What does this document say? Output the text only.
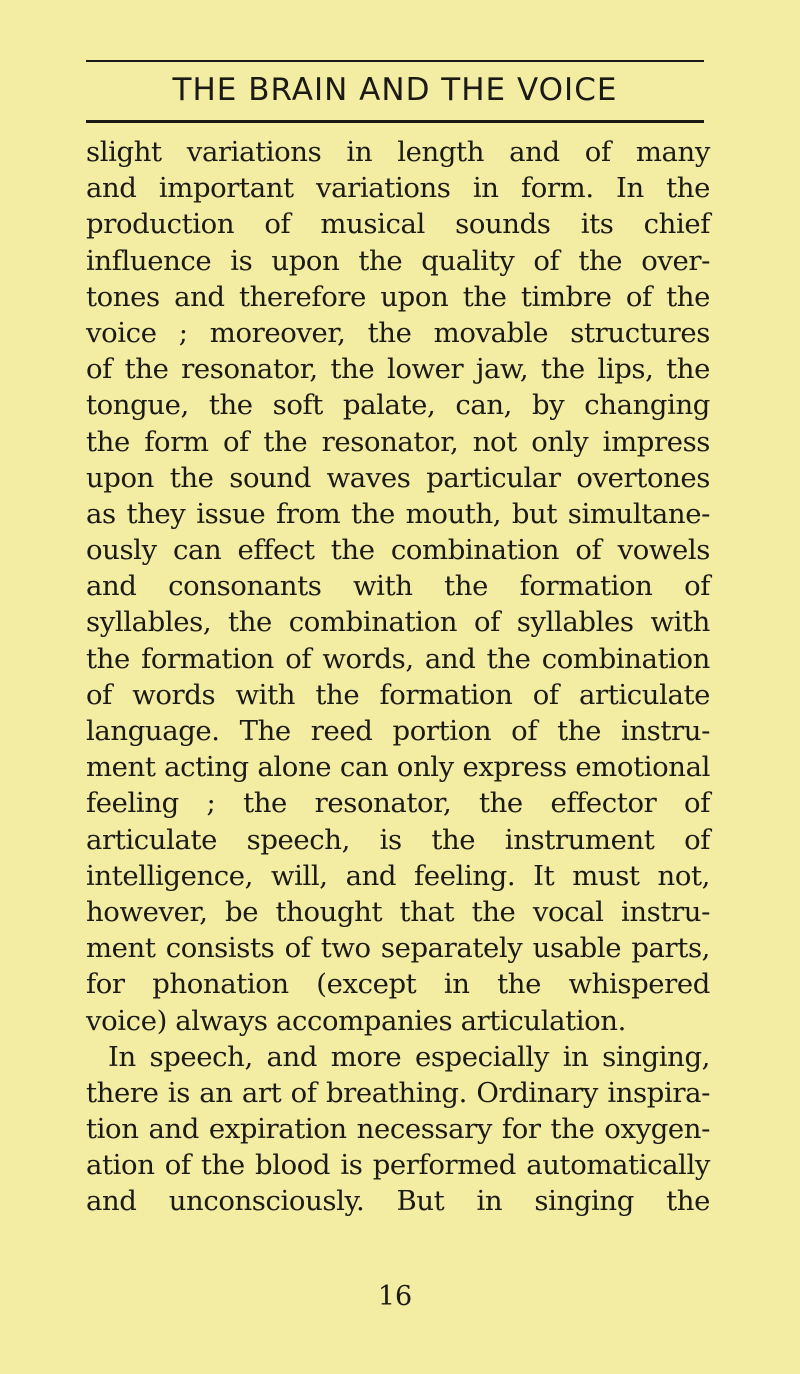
THE BRAIN AND THE VOICE
slight variations in length and of many
and important variations in form. In the
production of musical sounds its chief
influence is upon the quality of the over-
tones and therefore upon the timbre of the
voice ; moreover, the movable structures
of the resonator, the lower jaw, the lips, the
tongue, the soft palate, can, by changing
the form of the resonator, not only impress
upon the sound waves particular overtones
as they issue from the mouth, but simultane-
ously can effect the combination of vowels
and consonants with the formation of
syllables, the combination of syllables with
the formation of words, and the combination
of words with the formation of articulate
language. The reed portion of the instru-
ment acting alone can only express emotional
feeling ; the resonator, the effector of
articulate speech, is the instrument of
intelligence, will, and feeling. It must not,
however, be thought that the vocal instru-
ment consists of two separately usable parts,
for phonation (except in the whispered
voice) always accompanies articulation.
In speech, and more especially in singing,
there is an art of breathing. Ordinary inspira-
tion and expiration necessary for the oxygen-
ation of the blood is performed automatically
and unconsciously. But in singing the
16
